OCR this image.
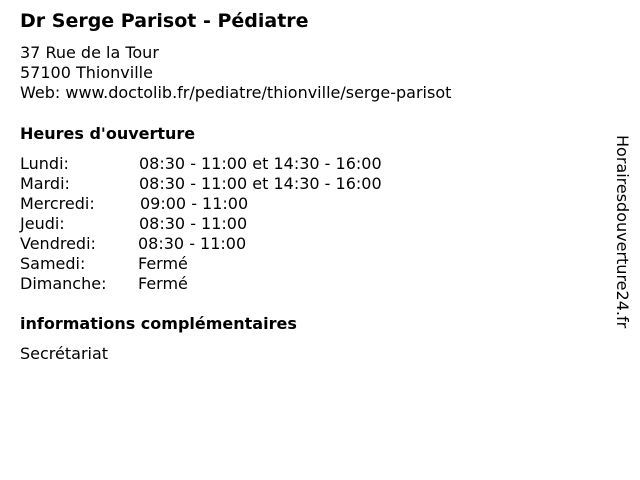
Dr Serge Parisot - Pédiatre
37 Rue de la Tour
57100 Thionville
Web: www.doctolib.fr/pediatre/thionville/serge-parisot
Heures d'ouverture
Lundi:	08:30 - 11:00 et 14:30 - 16:00
Mardi:	08:30 - 11:00 et 14:30 - 16:00
Mercredi:	09:00 - 11:00
Jeudi:	08:30 - 11:00
Vendredi:	08:30 - 11:00
Samedi:	Fermé
Dimanche: Fermé
informations complémentaires
Secrétariat
Horairesdouverture24.fr
